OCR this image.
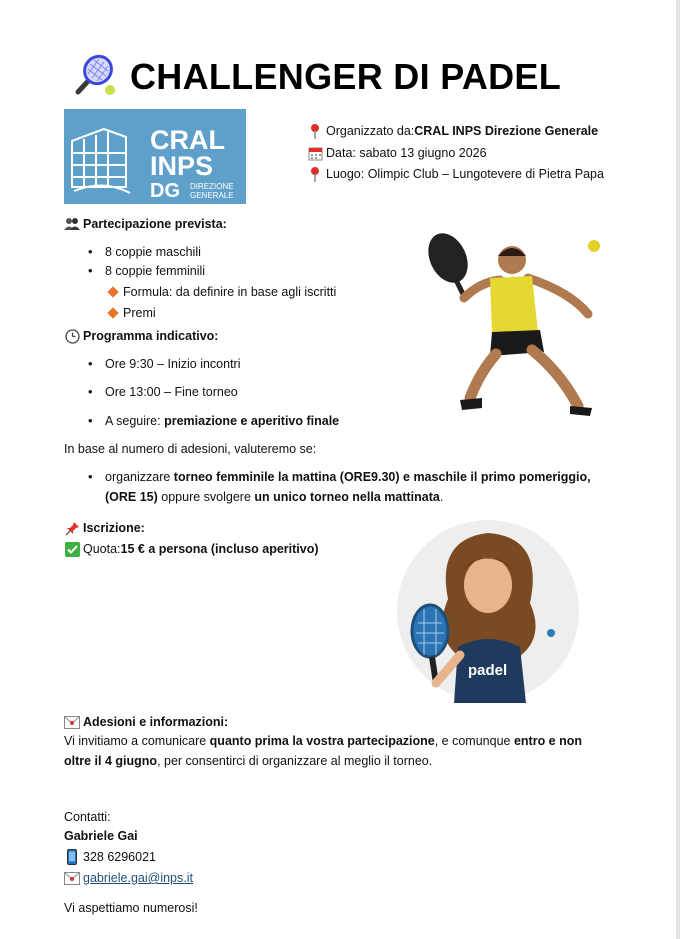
CHALLENGER DI PADEL
CRAL
INPS
DG DIREZIONE
GENERALE
Organizzato da: CRAL INPS Direzione Generale
Data: sabato 13 giugno 2026
Luogo: Olimpic Club – Lungotevere di Pietra Papa
Partecipazione prevista:
• 8 coppie maschili
• 8 coppie femminili
Formula: da definire in base agli iscritti
Premi
Programma indicativo:
• Ore 9:30 – Inizio incontri
• Ore 13:00 – Fine torneo
• A seguire: premiazione e aperitivo finale
In base al numero di adesioni, valuteremo se:
• organizzare torneo femminile la mattina (ORE9.30) e maschile il primo pomeriggio,
(ORE 15) oppure svolgere un unico torneo nella mattinata.
Iscrizione:
Quota: 15 € a persona (incluso aperitivo)
padel
Adesioni e informazioni:
Vi invitiamo a comunicare quanto prima la vostra partecipazione, e comunque entro e non
oltre il 4 giugno, per consentirci di organizzare al meglio il torneo.
Contatti:
Gabriele Gai
328 6296021
gabriele.gai@inps.it
Vi aspettiamo numerosi!
